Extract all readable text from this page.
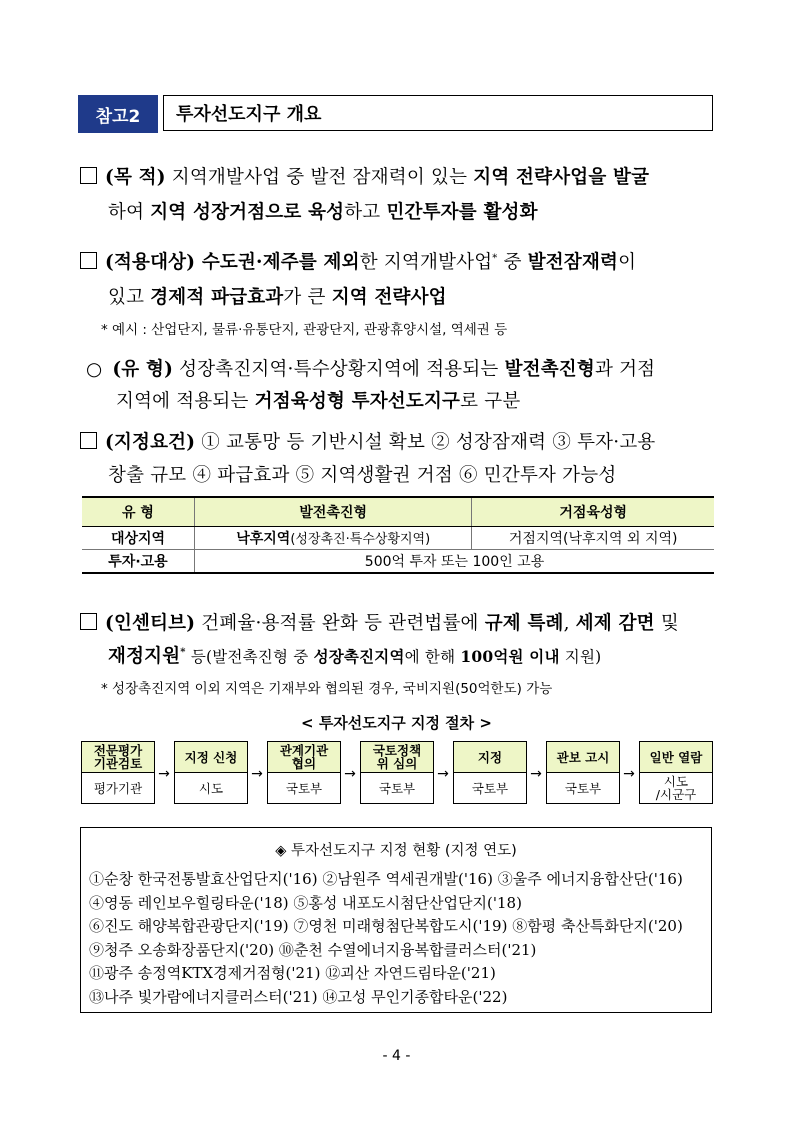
참고2	투자선도지구 개요
(목 적) 지역개발사업 중 발전 잠재력이 있는 지역 전략사업을 발굴
하여 지역 성장거점으로 육성하고 민간투자를 활성화
(적용대상) 수도권·제주를 제외한 지역개발사업* 중 발전잠재력이
있고 경제적 파급효과가 큰 지역 전략사업
* 예시 : 산업단지, 물류·유통단지, 관광단지, 관광휴양시설, 역세권 등
○ (유 형) 성장촉진지역·특수상황지역에 적용되는 발전촉진형과 거점
지역에 적용되는 거점육성형 투자선도지구로 구분
(지정요건) ① 교통망 등 기반시설 확보 ② 성장잠재력 ③ 투자·고용
창출 규모 ④ 파급효과 ⑤ 지역생활권 거점 ⑥ 민간투자 가능성
유 형	발전촉진형	거점육성형
대상지역	낙후지역(성장촉진·특수상황지역)	거점지역(낙후지역 외 지역)
투자·고용	500억 투자 또는 100인 고용	
(인센티브) 건폐율·용적률 완화 등 관련법률에 규제 특례, 세제 감면 및
재정지원* 등(발전촉진형 중 성장촉진지역에 한해 100억원 이내 지원)
* 성장촉진지역 이외 지역은 기재부와 협의된 경우, 국비지원(50억한도) 가능
< 투자선도지구 지정 절차 >
전문평가
기관검토
평가기관
→
지정 신청
시도
→
관계기관
협의
국토부
→
국토정책
위 심의
국토부
→
지정
국토부
→
관보 고시
국토부
→
일반 열람
시도
/시군구
◈ 투자선도지구 지정 현황 (지정 연도)
①순창 한국전통발효산업단지('16) ②남원주 역세권개발('16) ③울주 에너지융합산단('16)
④영동 레인보우힐링타운('18) ⑤홍성 내포도시첨단산업단지('18)
⑥진도 해양복합관광단지('19) ⑦영천 미래형첨단복합도시('19) ⑧함평 축산특화단지('20)
⑨청주 오송화장품단지('20) ⑩춘천 수열에너지융복합클러스터('21)
⑪광주 송정역KTX경제거점형('21) ⑫괴산 자연드림타운('21)
⑬나주 빛가람에너지클러스터('21) ⑭고성 무인기종합타운('22)
- 4 -
